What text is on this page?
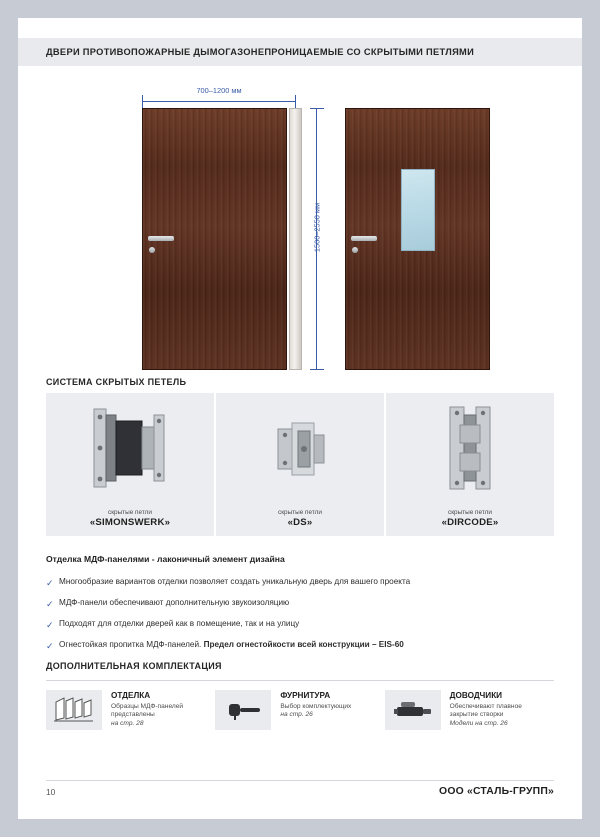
ДВЕРИ ПРОТИВОПОЖАРНЫЕ ДЫМОГАЗОНЕПРОНИЦАЕМЫЕ СО СКРЫТЫМИ ПЕТЛЯМИ
700–1200 мм
1500–2550 мм
СИСТЕМА СКРЫТЫХ ПЕТЕЛЬ
скрытые петли
«SIMONSWERK»
скрытые петли
«DS»
скрытые петли
«DIRCODE»
Отделка МДФ-панелями - лаконичный элемент дизайна
✓ Многообразие вариантов отделки позволяет создать уникальную дверь для вашего проекта
✓ МДФ-панели обеспечивают дополнительную звукоизоляцию
✓ Подходят для отделки дверей как в помещение, так и на улицу
✓ Огнестойкая пропитка МДФ-панелей. Предел огнестойкости всей конструкции – EIS-60
ДОПОЛНИТЕЛЬНАЯ КОМПЛЕКТАЦИЯ
ОТДЕЛКА
Образцы МДФ-панелей
представлены
на стр. 28
ФУРНИТУРА
Выбор комплектующих
на стр. 26
ДОВОДЧИКИ
Обеспечивают плавное
закрытие створки
Модели на стр. 26
10	ООО «СТАЛЬ-ГРУПП»
